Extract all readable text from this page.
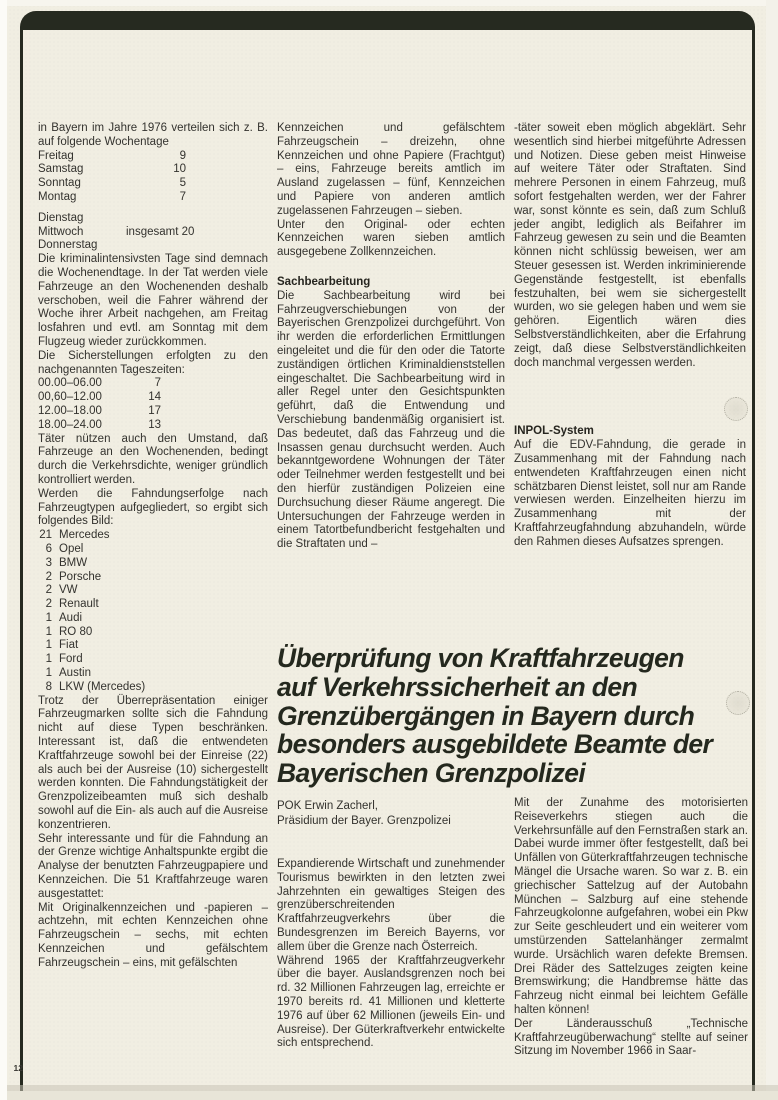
in Bayern im Jahre 1976 verteilen sich z. B. auf folgende Wochentage

Freitag	9
Samstag	10
Sonntag	5
Montag	7
Dienstag
Mittwoch	insgesamt 20
Donnerstag

Die kriminalintensivsten Tage sind demnach die Wochenendtage. In der Tat werden viele Fahrzeuge an den Wochenenden deshalb verschoben, weil die Fahrer während der Woche ihrer Arbeit nachgehen, am Freitag losfahren und evtl. am Sonntag mit dem Flugzeug wieder zurückkommen.

Die Sicherstellungen erfolgten zu den nachgenannten Tageszeiten:

00.00–06.00	7
00,60–12.00	14
12.00–18.00	17
18.00–24.00	13

Täter nützen auch den Umstand, daß Fahrzeuge an den Wochenenden, bedingt durch die Verkehrsdichte, weniger gründlich kontrolliert werden.

Werden die Fahndungserfolge nach Fahrzeugtypen aufgegliedert, so ergibt sich folgendes Bild:

21 Mercedes
6 Opel
3 BMW
2 Porsche
2 VW
2 Renault
1 Audi
1 RO 80
1 Fiat
1 Ford
1 Austin
8 LKW (Mercedes)

Trotz der Überrepräsentation einiger Fahrzeugmarken sollte sich die Fahndung nicht auf diese Typen beschränken. Interessant ist, daß die entwendeten Kraftfahrzeuge sowohl bei der Einreise (22) als auch bei der Ausreise (10) sichergestellt werden konnten. Die Fahndungstätigkeit der Grenzpolizeibeamten muß sich deshalb sowohl auf die Ein- als auch auf die Ausreise konzentrieren.

Sehr interessante und für die Fahndung an der Grenze wichtige Anhaltspunkte ergibt die Analyse der benutzten Fahrzeugpapiere und Kennzeichen. Die 51 Kraftfahrzeuge waren ausgestattet:

Mit Originalkennzeichen und -papieren – achtzehn, mit echten Kennzeichen ohne Fahrzeugschein – sechs, mit echten Kennzeichen und gefälschtem Fahrzeugschein – eins, mit gefälschten

Kennzeichen und gefälschtem Fahrzeugschein – dreizehn, ohne Kennzeichen und ohne Papiere (Frachtgut) – eins, Fahrzeuge bereits amtlich im Ausland zugelassen – fünf, Kennzeichen und Papiere von anderen amtlich zugelassenen Fahrzeugen – sieben.

Unter den Original- oder echten Kennzeichen waren sieben amtlich ausgegebene Zollkennzeichen.

Sachbearbeitung

Die Sachbearbeitung wird bei Fahrzeugverschiebungen von der Bayerischen Grenzpolizei durchgeführt. Von ihr werden die erforderlichen Ermittlungen eingeleitet und die für den oder die Tatorte zuständigen örtlichen Kriminaldienststellen eingeschaltet. Die Sachbearbeitung wird in aller Regel unter den Gesichtspunkten geführt, daß die Entwendung und Verschiebung bandenmäßig organisiert ist. Das bedeutet, daß das Fahrzeug und die Insassen genau durchsucht werden. Auch bekanntgewordene Wohnungen der Täter oder Teilnehmer werden festgestellt und bei den hierfür zuständigen Polizeien eine Durchsuchung dieser Räume angeregt. Die Untersuchungen der Fahrzeuge werden in einem Tatortbefundbericht festgehalten und die Straftaten und –

-täter soweit eben möglich abgeklärt. Sehr wesentlich sind hierbei mitgeführte Adressen und Notizen. Diese geben meist Hinweise auf weitere Täter oder Straftaten. Sind mehrere Personen in einem Fahrzeug, muß sofort festgehalten werden, wer der Fahrer war, sonst könnte es sein, daß zum Schluß jeder angibt, lediglich als Beifahrer im Fahrzeug gewesen zu sein und die Beamten können nicht schlüssig beweisen, wer am Steuer gesessen ist. Werden inkriminierende Gegenstände festgestellt, ist ebenfalls festzuhalten, bei wem sie sichergestellt wurden, wo sie gelegen haben und wem sie gehören. Eigentlich wären dies Selbstverständlichkeiten, aber die Erfahrung zeigt, daß diese Selbstverständlichkeiten doch manchmal vergessen werden.

INPOL-System

Auf die EDV-Fahndung, die gerade in Zusammenhang mit der Fahndung nach entwendeten Kraftfahrzeugen einen nicht schätzbaren Dienst leistet, soll nur am Rande verwiesen werden. Einzelheiten hierzu im Zusammenhang mit der Kraftfahrzeugfahndung abzuhandeln, würde den Rahmen dieses Aufsatzes sprengen.

Überprüfung von Kraftfahrzeugen
auf Verkehrssicherheit an den
Grenzübergängen in Bayern durch
besonders ausgebildete Beamte der
Bayerischen Grenzpolizei
POK Erwin Zacherl,
Präsidium der Bayer. Grenzpolizei

Expandierende Wirtschaft und zunehmender Tourismus bewirkten in den letzten zwei Jahrzehnten ein gewaltiges Steigen des grenzüberschreitenden Kraftfahrzeugverkehrs über die Bundesgrenzen im Bereich Bayerns, vor allem über die Grenze nach Österreich.

Während 1965 der Kraftfahrzeugverkehr über die bayer. Auslandsgrenzen noch bei rd. 32 Millionen Fahrzeugen lag, erreichte er 1970 bereits rd. 41 Millionen und kletterte 1976 auf über 62 Millionen (jeweils Ein- und Ausreise). Der Güterkraftverkehr entwickelte sich entsprechend.

Mit der Zunahme des motorisierten Reiseverkehrs stiegen auch die Verkehrsunfälle auf den Fernstraßen stark an. Dabei wurde immer öfter festgestellt, daß bei Unfällen von Güterkraftfahrzeugen technische Mängel die Ursache waren. So war z. B. ein griechischer Sattelzug auf der Autobahn München – Salzburg auf eine stehende Fahrzeugkolonne aufgefahren, wobei ein Pkw zur Seite geschleudert und ein weiterer vom umstürzenden Sattelanhänger zermalmt wurde. Ursächlich waren defekte Bremsen. Drei Räder des Sattelzuges zeigten keine Bremswirkung; die Handbremse hätte das Fahrzeug nicht einmal bei leichtem Gefälle halten können!

Der Länderausschuß „Technische Kraftfahrzeugüberwachung“ stellte auf seiner Sitzung im November 1966 in Saar-

12
